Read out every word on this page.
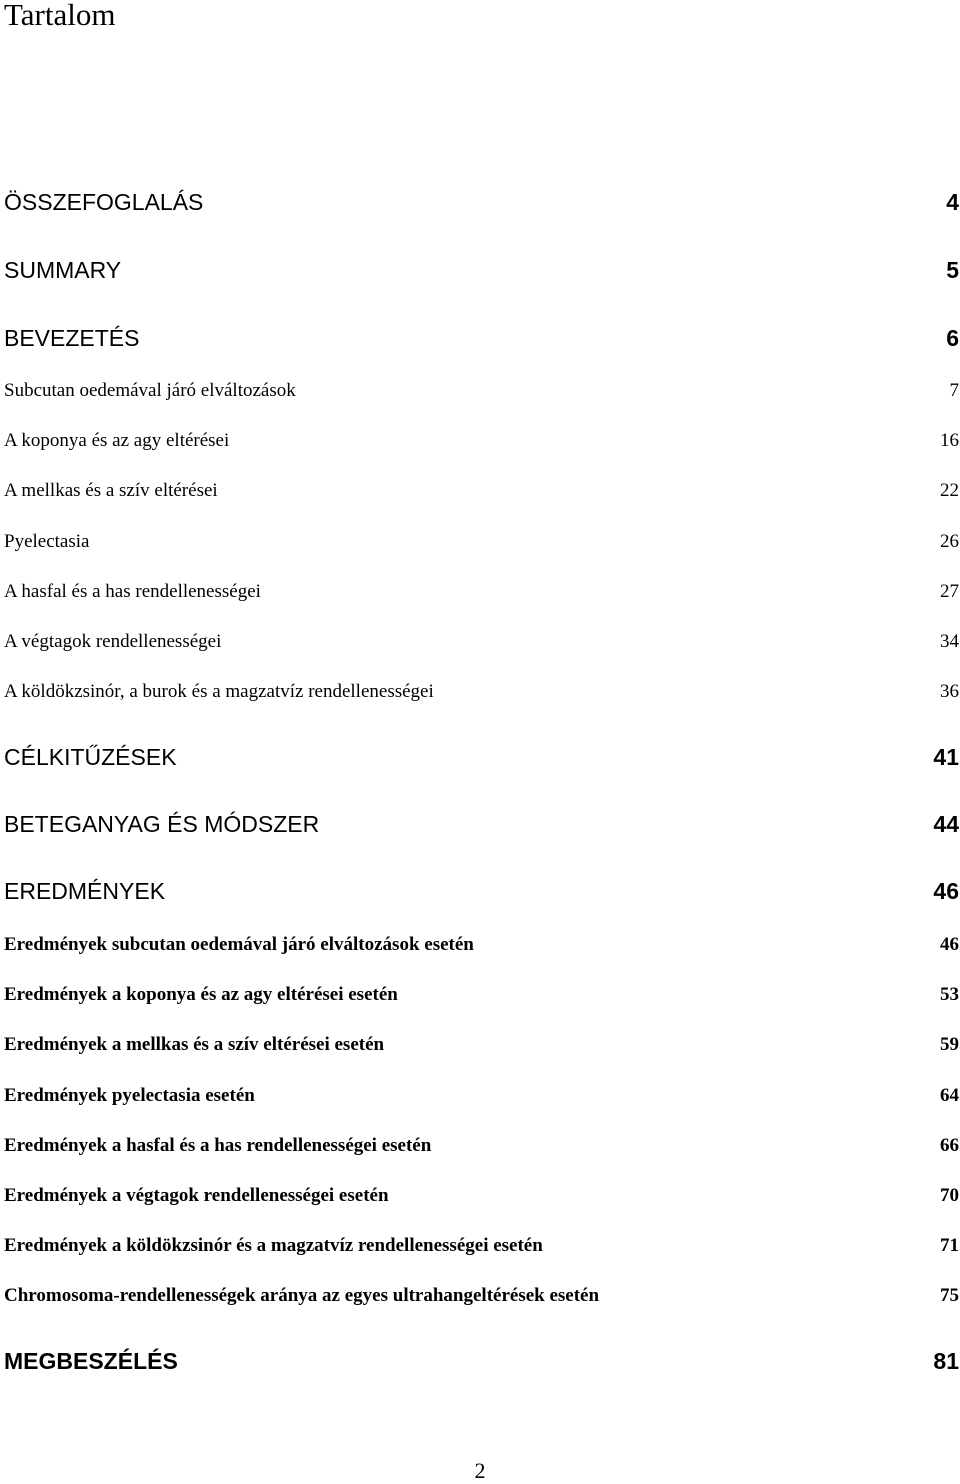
Tartalom
ÖSSZEFOGLALÁS	4
SUMMARY	5
BEVEZETÉS	6
Subcutan oedemával járó elváltozások	7
A koponya és az agy eltérései	16
A mellkas és a szív eltérései	22
Pyelectasia	26
A hasfal és a has rendellenességei	27
A végtagok rendellenességei	34
A köldökzsinór, a burok és a magzatvíz rendellenességei	36
CÉLKITŰZÉSEK	41
BETEGANYAG ÉS MÓDSZER	44
EREDMÉNYEK	46
Eredmények subcutan oedemával járó elváltozások esetén	46
Eredmények a koponya és az agy eltérései esetén	53
Eredmények a mellkas és a szív eltérései esetén	59
Eredmények pyelectasia esetén	64
Eredmények a hasfal és a has rendellenességei esetén	66
Eredmények a végtagok rendellenességei esetén	70
Eredmények a köldökzsinór és a magzatvíz rendellenességei esetén	71
Chromosoma-rendellenességek aránya az egyes ultrahangeltérések esetén	75
MEGBESZÉLÉS	81
2
